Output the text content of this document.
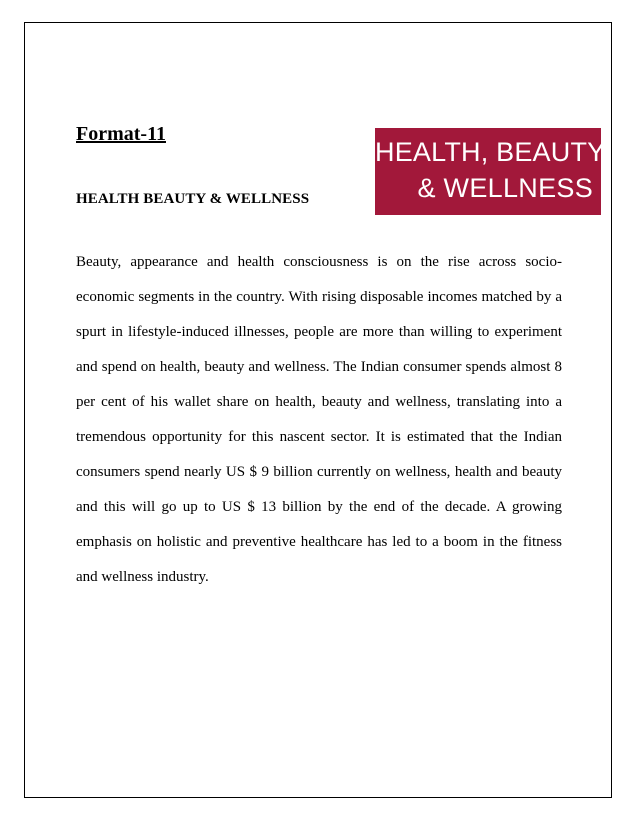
Format-11
HEALTH BEAUTY & WELLNESS
HEALTH, BEAUTY
& WELLNESS

Beauty, appearance and health consciousness is on the rise across socio-economic segments in the country. With rising disposable incomes matched by a spurt in lifestyle-induced illnesses, people are more than willing to experiment and spend on health, beauty and wellness. The Indian consumer spends almost 8 per cent of his wallet share on health, beauty and wellness, translating into a tremendous opportunity for this nascent sector. It is estimated that the Indian consumers spend nearly US $ 9 billion currently on wellness, health and beauty and this will go up to US $ 13 billion by the end of the decade. A growing emphasis on holistic and preventive healthcare has led to a boom in the fitness and wellness industry.
